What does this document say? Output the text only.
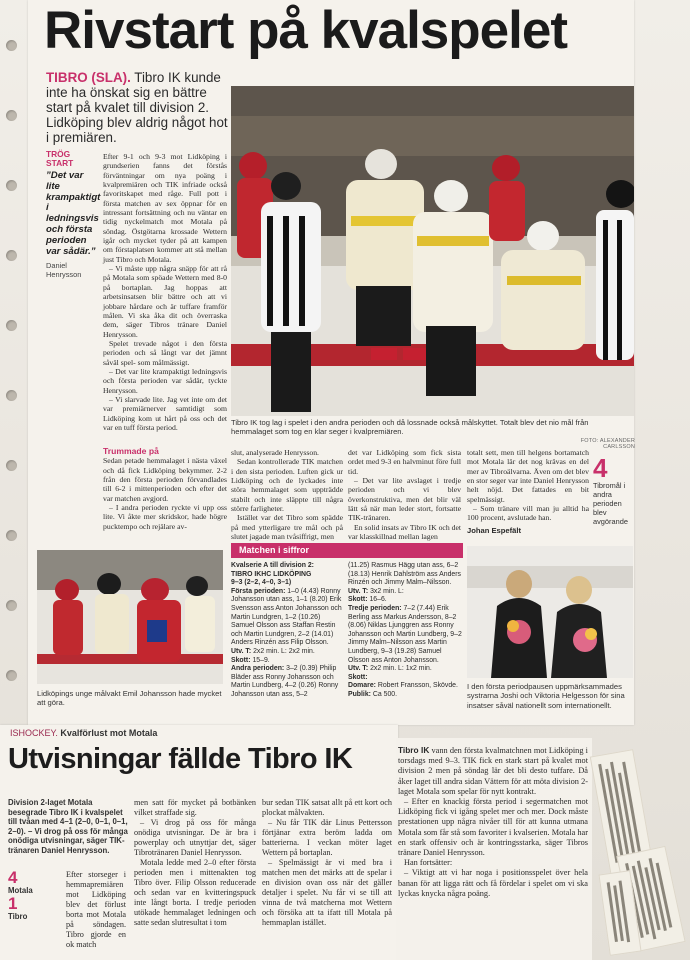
Rivstart på kvalspelet
TIBRO (SLA). Tibro IK kunde inte ha önskat sig en bättre start på kvalet till division 2. Lidköping blev aldrig något hot i premiären.
Tibro IK tog lag i spelet i den andra perioden och då lossnade också målskyttet. Totalt blev det nio mål från hemmalaget som tog en klar seger i kvalpremiären.
FOTO: ALEXANDER CARLSSON
TRÖG START
”Det var lite krampaktigt i ledningsvis och första perioden var sådär.”
Daniel Henrysson

Efter 9-1 och 9-3 mot Lidköping i grundserien fanns det förstås förväntningar om nya poäng i kvalpremiären och TIK infriade också favoritskapet med råge. Full pott i första matchen av sex öppnar för en intressant fortsättning och nu väntar en tidig nyckelmatch mot Motala på söndag. Östgötarna krossade Wettern igår och mycket tyder på att kampen om förstaplatsen kommer att stå mellan just Tibro och Motala.

– Vi måste upp några snäpp för att rå på Motala som spöade Wettern med 8-0 på bortaplan. Jag hoppas att arbetsinsatsen blir bättre och att vi jobbare hårdare och är tuffare framför målen. Vi ska åka dit och överraska dem, säger Tibros tränare Daniel Henrysson.

Spelet trevade något i den första perioden och så långt var det jämnt såväl spel- som målmässigt.

– Det var lite krampaktigt ledningsvis och första perioden var sådär, tyckte Henrysson.

– Vi slarvade lite. Jag vet inte om det var premiärnerver samtidigt som Lidköping kom ut hårt på oss och det var en tuff första period.

Trummade på

Sedan petade hemmalaget i nästa växel och då fick Lidköping bekymmer. 2-2 från den första perioden förvandlades till 6-2 i mittenperioden och efter det var matchen avgjord.

– I andra perioden ryckte vi upp oss lite. Vi åkte mer skridskor, hade högre pucktempo och rejälare av-

slut, analyserade Henrysson.

Sedan kontrollerade TIK matchen i den sista perioden. Luften gick ur Lidköping och de lyckades inte störa hemmalaget som uppträdde stabilt och inte släppte till några större farligheter.

Istället var det Tibro som spädde på med ytterligare tre mål och på slutet jagade man tvåsiffrigt, men

det var Lidköping som fick sista ordet med 9-3 en halvminut före full tid.

– Det var lite avslaget i tredje perioden och vi blev överkonstruktiva, men det blir väl lätt så när man leder stort, fortsatte TIK-tränaren.

En solid insats av Tibro IK och det var klasskillnad mellan lagen

totalt sett, men till helgens bortamatch mot Motala lär det nog krävas en del mer av Tibroälvarna. Även om det blev en stor seger var inte Daniel Henrysson helt nöjd. Det fattades en bit spelmässigt.

– Som tränare vill man ju alltid ha 100 procent, avslutade han.

Johan Espefält
4
Tibromål i andra perioden blev avgörande
Lidköpings unge målvakt Emil Johansson hade mycket att göra.
Matchen i siffror
Kvalserie A till division 2:
TIBRO IKHC LIDKÖPING
9–3 (2–2, 4–0, 3–1)
Första perioden: 1–0 (4.43) Ronny Johansson utan ass, 1–1 (8.20) Erik Svensson ass Anton Johansson och Martin Lundgren, 1–2 (10.26) Samuel Olsson ass Staffan Restin och Martin Lundgren, 2–2 (14.01) Anders Rinzén ass Filip Olsson.
Utv. T: 2x2 min. L: 2x2 min.
Skott: 15–9.
Andra perioden: 3–2 (0.39) Philip Bläder ass Ronny Johansson och Martin Lundberg, 4–2 (0.26) Ronny Johansson utan ass, 5–2
(11.25) Rasmus Hägg utan ass, 6–2 (18.13) Henrik Dahlström ass Anders Rinzén och Jimmy Malm–Nilsson.
Utv. T: 3x2 min. L:
Skott: 16–6.
Tredje perioden: 7–2 (7.44) Erik Berling ass Markus Andersson, 8–2 (8.06) Niklas Ljunggren ass Ronny Johansson och Martin Lundberg, 9–2 Jimmy Malm–Nilsson ass Martin Lundberg, 9–3 (19.28) Samuel Olsson ass Anton Johansson.
Utv. T: 2x2 min. L: 1x2 min.
Skott:
Domare: Robert Fransson, Skövde.
Publik: Ca 500.
I den första periodpausen uppmärksammades systrarna Joshi och Viktoria Helgesson för sina insatser såväl nationellt som internationellt.
ISHOCKEY. Kvalförlust mot Motala
Utvisningar fällde Tibro IK
Division 2-laget Motala besegrade Tibro IK i kvalspelet till tvåan med 4–1 (2–0, 0–1, 0–1, 2–0). – Vi drog på oss för många onödiga utvisningar, säger TIK-tränaren Daniel Henrysson.
4
Motala
1
Tibro

Efter storseger i hemmapremiären mot Lidköping blev det förlust borta mot Motala på söndagen. Tibro gjorde en ok match

men satt för mycket på botbänken vilket straffade sig.

– Vi drog på oss för många onödiga utvisningar. De är bra i powerplay och utnyttjar det, säger Tibrotränaren Daniel Henrysson.

Motala ledde med 2–0 efter första perioden men i mittenakten tog Tibro över. Filip Olsson reducerade och sedan var en kvitteringspuck inte långt borta. I tredje perioden utökade hemmalaget ledningen och satte sedan slutresultat i tom

bur sedan TIK satsat allt på ett kort och plockat målvakten.

– Nu får TIK där Linus Pettersson förtjänar extra beröm ladda om batterierna. I veckan möter laget Wettern på bortaplan.

– Spelmässigt är vi med bra i matchen men det märks att de spelar i en division ovan oss när det gäller detaljer i spelet. Nu får vi se till att vinna de två matcherna mot Wettern och försöka att ta ifatt till Motala på hemmaplan istället.

Tibro IK vann den första kvalmatchnen mot Lidköping i torsdags med 9–3. TIK fick en stark start på kvalet mot division 2 men på söndag lär det bli desto tuffare. Då åker laget till andra sidan Vättern för att möta division 2-laget Motala som spelar för nytt kontrakt.

– Efter en knackig första period i segermatchen mot Lidköping fick vi igång spelet mer och mer. Dock måste prestationen upp några nivåer till för att kunna utmana Motala som får stå som favoriter i kvalserien. Motala har en stark offensiv och är kontringsstarka, säger Tibros tränare Daniel Henrysson.

Han fortsätter:

– Viktigt att vi har noga i positionsspelet över hela banan för att ligga rätt och få fördelar i spelet om vi ska lyckas knycka några poäng.
